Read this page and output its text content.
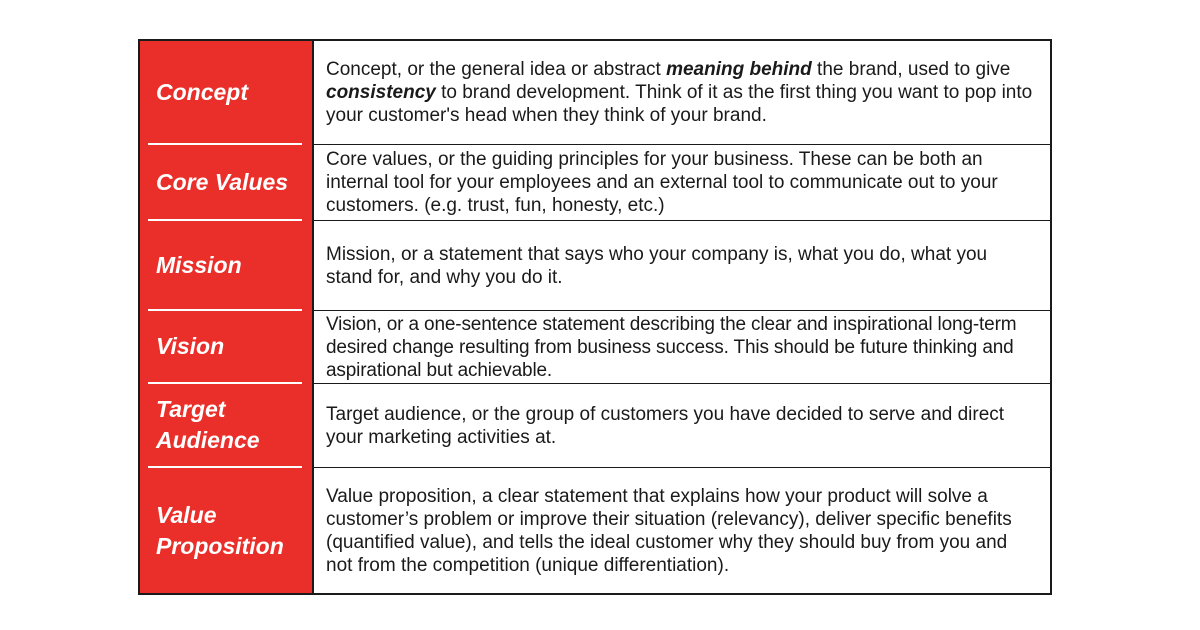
Concept
Core Values
Mission
Vision
Target
Audience
Value
Proposition
Concept, or the general idea or abstract meaning behind the brand, used to give consistency to brand development. Think of it as the first thing you want to pop into your customer's head when they think of your brand.
Core values, or the guiding principles for your business. These can be both an internal tool for your employees and an external tool to communicate out to your customers. (e.g. trust, fun, honesty, etc.)
Mission, or a statement that says who your company is, what you do, what you stand for, and why you do it.
Vision, or a one-sentence statement describing the clear and inspirational long-term desired change resulting from business success. This should be future thinking and aspirational but achievable.
Target audience, or the group of customers you have decided to serve and direct your marketing activities at.
Value proposition, a clear statement that explains how your product will solve a customer’s problem or improve their situation (relevancy), deliver specific benefits (quantified value), and tells the ideal customer why they should buy from you and not from the competition (unique differentiation).
